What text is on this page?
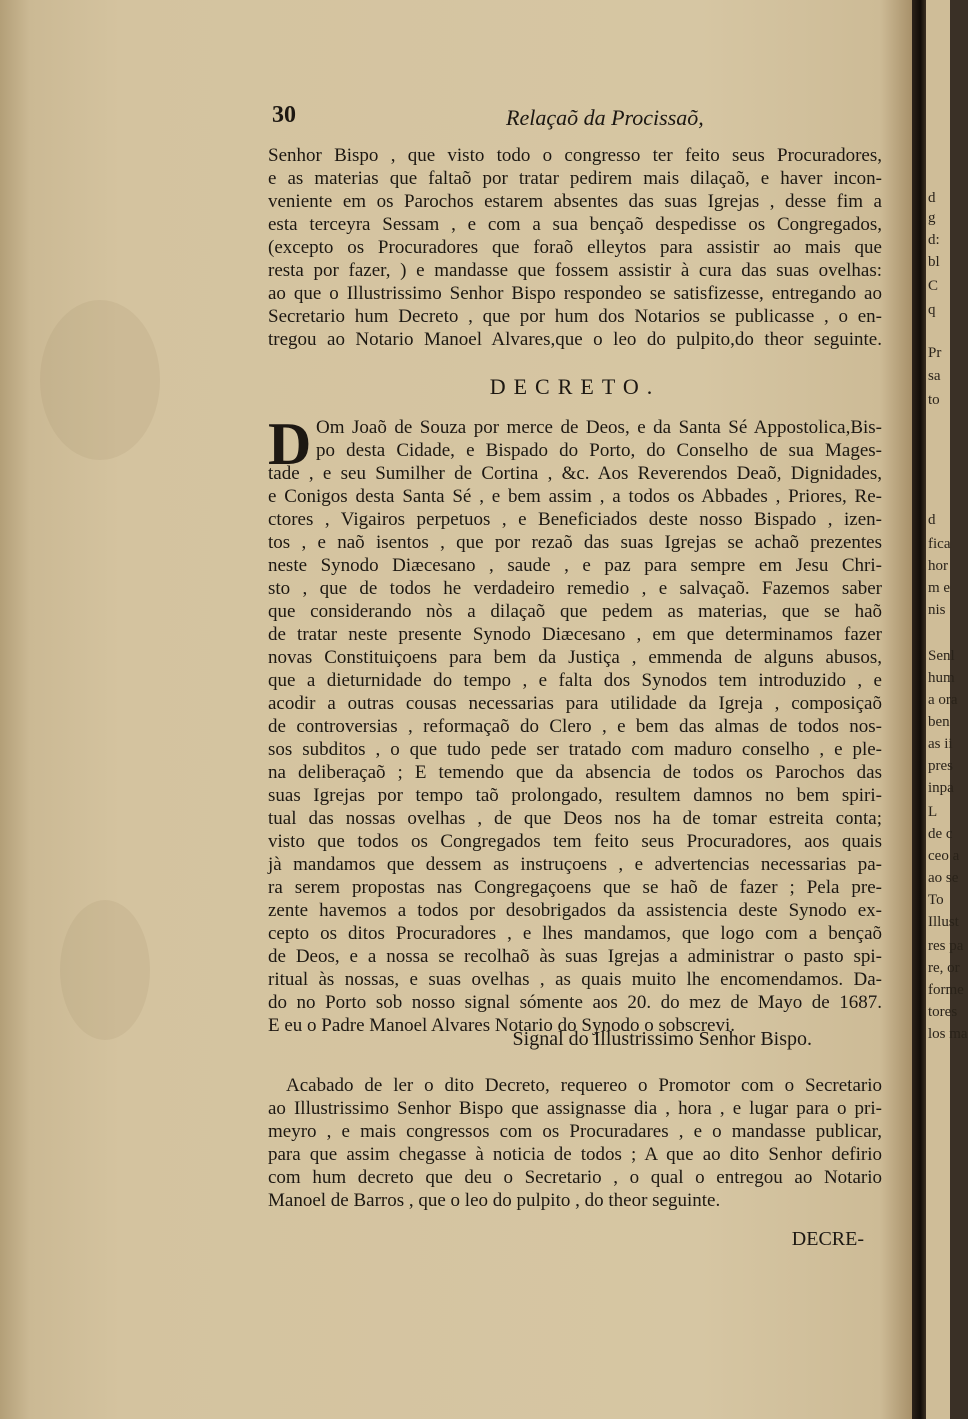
30	Relaçaõ da Procissaõ,
Senhor Bispo , que visto todo o congresso ter feito seus Procuradores,
e as materias que faltaõ por tratar pedirem mais dilaçaõ, e haver incon-
veniente em os Parochos estarem absentes das suas Igrejas , desse fim a
esta terceyra Sessam , e com a sua bençaõ despedisse os Congregados,
(excepto os Procuradores que foraõ elleytos para assistir ao mais que
resta por fazer, ) e mandasse que fossem assistir à cura das suas ovelhas:
ao que o Illustrissimo Senhor Bispo respondeo se satisfizesse, entregando ao
Secretario hum Decreto , que por hum dos Notarios se publicasse , o en-
tregou ao Notario Manoel Alvares,que o leo do pulpito,do theor seguinte.
DECRETO.
D Om Joaõ de Souza por merce de Deos, e da Santa Sé Appostolica,Bis-
po desta Cidade, e Bispado do Porto, do Conselho de sua Mages-
tade , e seu Sumilher de Cortina , &c. Aos Reverendos Deaõ, Dignidades,
e Conigos desta Santa Sé , e bem assim , a todos os Abbades , Priores, Re-
ctores , Vigairos perpetuos , e Beneficiados deste nosso Bispado , izen-
tos , e naõ isentos , que por rezaõ das suas Igrejas se achaõ prezentes
neste Synodo Diæcesano , saude , e paz para sempre em Jesu Chri-
sto , que de todos he verdadeiro remedio , e salvaçaõ. Fazemos saber
que considerando nòs a dilaçaõ que pedem as materias, que se haõ
de tratar neste presente Synodo Diæcesano , em que determinamos fazer
novas Constituiçoens para bem da Justiça , emmenda de alguns abusos,
que a dieturnidade do tempo , e falta dos Synodos tem introduzido , e
acodir a outras cousas necessarias para utilidade da Igreja , composiçaõ
de controversias , reformaçaõ do Clero , e bem das almas de todos nos-
sos subditos , o que tudo pede ser tratado com maduro conselho , e ple-
na deliberaçaõ ; E temendo que da absencia de todos os Parochos das
suas Igrejas por tempo taõ prolongado, resultem damnos no bem spiri-
tual das nossas ovelhas , de que Deos nos ha de tomar estreita conta;
visto que todos os Congregados tem feito seus Procuradores, aos quais
jà mandamos que dessem as instruçoens , e advertencias necessarias pa-
ra serem propostas nas Congregaçoens que se haõ de fazer ; Pela pre-
zente havemos a todos por desobrigados da assistencia deste Synodo ex-
cepto os ditos Procuradores , e lhes mandamos, que logo com a bençaõ
de Deos, e a nossa se recolhaõ às suas Igrejas a administrar o pasto spi-
ritual às nossas, e suas ovelhas , as quais muito lhe encomendamos. Da-
do no Porto sob nosso signal sómente aos 20. do mez de Mayo de 1687.
E eu o Padre Manoel Alvares Notario do Synodo o sobscrevi.
Signal do Illustrissimo Senhor Bispo.
Acabado de ler o dito Decreto, requereo o Promotor com o Secretario
ao Illustrissimo Senhor Bispo que assignasse dia , hora , e lugar para o pri-
meyro , e mais congressos com os Procuradares , e o mandasse publicar,
para que assim chegasse à noticia de todos ; A que ao dito Senhor defirio
com hum decreto que deu o Secretario , o qual o entregou ao Notario
Manoel de Barros , que o leo do pulpito , do theor seguinte.
DECRE-
d
g
d:
bl
C
q
Pr
sa
to
d
fica
hor
m e
nis
Senl
hum
a ora
ben
as ii
pres
inpa
L
de c
ceo a
ao se
To
Illust
res pa
re, or
forme
tores
los ma
